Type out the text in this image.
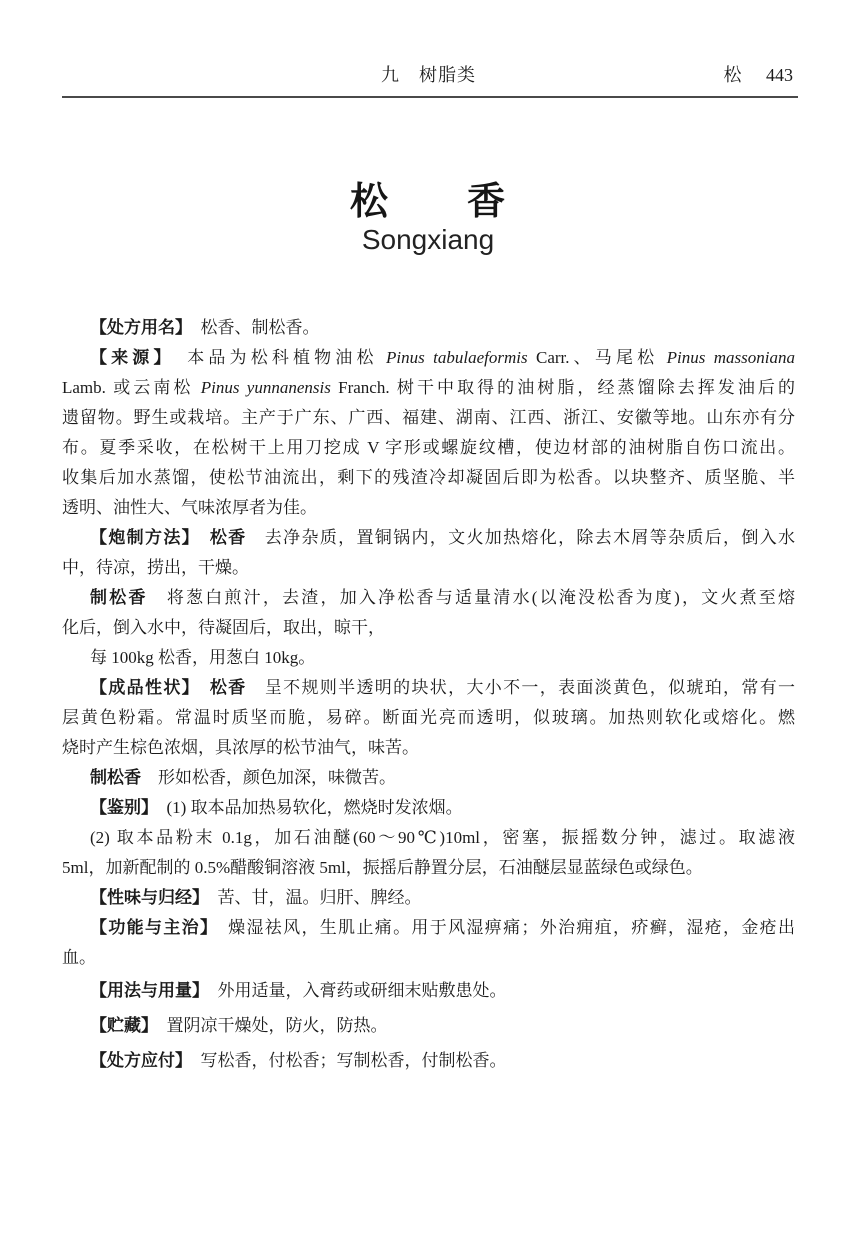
九　树脂类	松 443
松　　香
Songxiang
【处方用名】　松香、制松香。
【来源】　本品为松科植物油松 Pinus tabulaeformis Carr.、马尾松 Pinus massoniana
Lamb. 或云南松 Pinus yunnanensis Franch. 树干中取得的油树脂，经蒸馏除去挥发油后的
遗留物。野生或栽培。主产于广东、广西、福建、湖南、江西、浙江、安徽等地。山东亦有分
布。夏季采收，在松树干上用刀挖成 V 字形或螺旋纹槽，使边材部的油树脂自伤口流出。
收集后加水蒸馏，使松节油流出，剩下的残渣冷却凝固后即为松香。以块整齐、质坚脆、半
透明、油性大、气味浓厚者为佳。
【炮制方法】　 松香　去净杂质，置铜锅内，文火加热熔化，除去木屑等杂质后，倒入水
中，待凉，捞出，干燥。
制松香　将葱白煎汁，去渣，加入净松香与适量清水(以淹没松香为度)，文火煮至熔
化后，倒入水中，待凝固后，取出，晾干，
每 100kg 松香，用葱白 10kg。
【成品性状】　 松香　呈不规则半透明的块状，大小不一，表面淡黄色，似琥珀，常有一
层黄色粉霜。常温时质坚而脆，易碎。断面光亮而透明，似玻璃。加热则软化或熔化。燃
烧时产生棕色浓烟，具浓厚的松节油气，味苦。
制松香　形如松香，颜色加深，味微苦。
【鉴别】　(1) 取本品加热易软化，燃烧时发浓烟。
(2) 取本品粉末 0.1g，加石油醚(60～90℃)10ml，密塞，振摇数分钟，滤过。取滤液
5ml，加新配制的 0.5%醋酸铜溶液 5ml，振摇后静置分层，石油醚层显蓝绿色或绿色。
【性味与归经】　苦、甘，温。归肝、脾经。
【功能与主治】　燥湿祛风，生肌止痛。用于风湿痹痛；外治痈疽，疥癣，湿疮，金疮出
血。
【用法与用量】　外用适量，入膏药或研细末贴敷患处。
【贮藏】　置阴凉干燥处，防火，防热。
【处方应付】　写松香，付松香；写制松香，付制松香。
